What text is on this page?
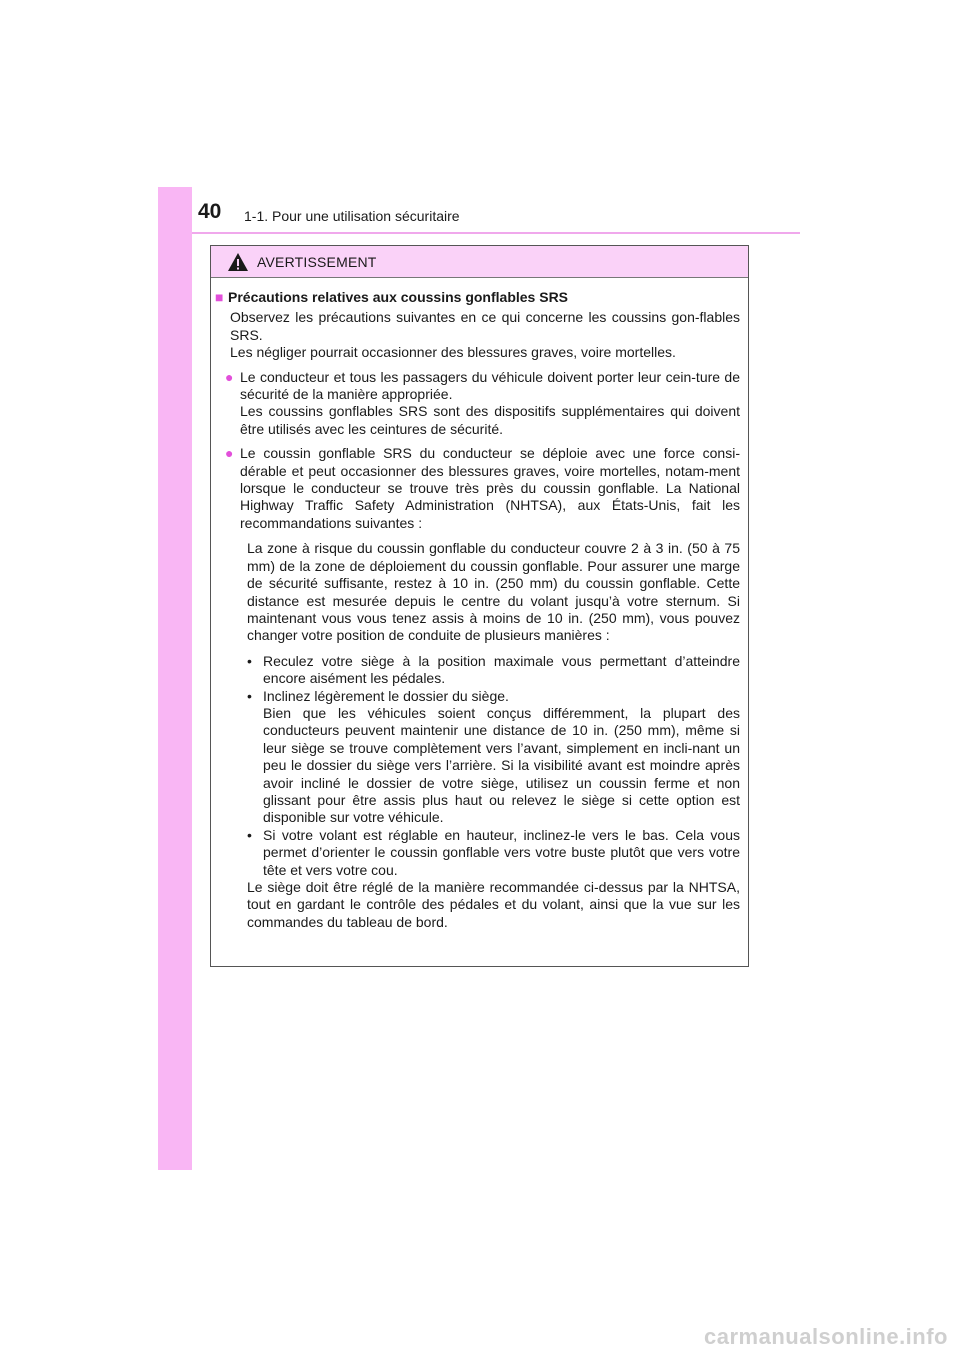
40 1-1. Pour une utilisation sécuritaire
AVERTISSEMENT
■ Précautions relatives aux coussins gonflables SRS

Observez les précautions suivantes en ce qui concerne les coussins gon-flables SRS.

Les négliger pourrait occasionner des blessures graves, voire mortelles.

● Le conducteur et tous les passagers du véhicule doivent porter leur cein-ture de sécurité de la manière appropriée.

Les coussins gonflables SRS sont des dispositifs supplémentaires qui doivent être utilisés avec les ceintures de sécurité.

● Le coussin gonflable SRS du conducteur se déploie avec une force consi-dérable et peut occasionner des blessures graves, voire mortelles, notam-ment lorsque le conducteur se trouve très près du coussin gonflable. La National Highway Traffic Safety Administration (NHTSA), aux États-Unis, fait les recommandations suivantes :

La zone à risque du coussin gonflable du conducteur couvre 2 à 3 in. (50 à 75 mm) de la zone de déploiement du coussin gonflable. Pour assurer une marge de sécurité suffisante, restez à 10 in. (250 mm) du coussin gonflable. Cette distance est mesurée depuis le centre du volant jusqu’à votre sternum. Si maintenant vous vous tenez assis à moins de 10 in. (250 mm), vous pouvez changer votre position de conduite de plusieurs manières :

• Reculez votre siège à la position maximale vous permettant d’atteindre encore aisément les pédales.
• Inclinez légèrement le dossier du siège.

Bien que les véhicules soient conçus différemment, la plupart des conducteurs peuvent maintenir une distance de 10 in. (250 mm), même si leur siège se trouve complètement vers l’avant, simplement en incli-nant un peu le dossier du siège vers l’arrière. Si la visibilité avant est moindre après avoir incliné le dossier de votre siège, utilisez un coussin ferme et non glissant pour être assis plus haut ou relevez le siège si cette option est disponible sur votre véhicule.

• Si votre volant est réglable en hauteur, inclinez-le vers le bas. Cela vous permet d’orienter le coussin gonflable vers votre buste plutôt que vers votre tête et vers votre cou.

Le siège doit être réglé de la manière recommandée ci-dessus par la NHTSA, tout en gardant le contrôle des pédales et du volant, ainsi que la vue sur les commandes du tableau de bord.

carmanualsonline.info
